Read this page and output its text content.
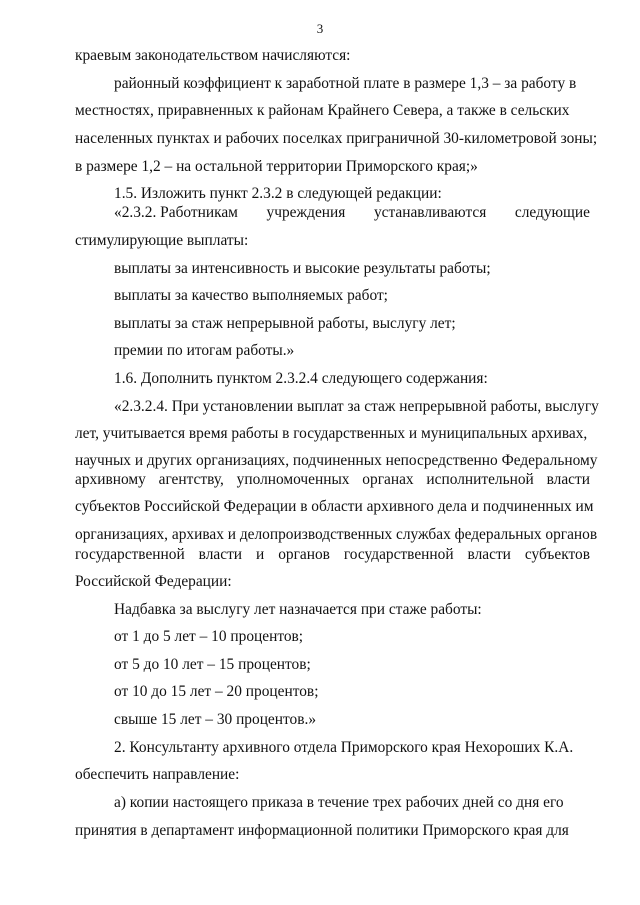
3
краевым законодательством начисляются:
районный коэффициент к заработной плате в размере 1,3 – за работу в
местностях, приравненных к районам Крайнего Севера, а также в сельских
населенных пунктах и рабочих поселках приграничной 30-километровой зоны;
в размере 1,2 – на остальной территории Приморского края;»
1.5. Изложить пункт 2.3.2 в следующей редакции:
«2.3.2. Работникам учреждения устанавливаются следующие
стимулирующие выплаты:
выплаты за интенсивность и высокие результаты работы;
выплаты за качество выполняемых работ;
выплаты за стаж непрерывной работы, выслугу лет;
премии по итогам работы.»
1.6. Дополнить пунктом 2.3.2.4 следующего содержания:
«2.3.2.4. При установлении выплат за стаж непрерывной работы, выслугу
лет, учитывается время работы в государственных и муниципальных архивах,
научных и других организациях, подчиненных непосредственно Федеральному
архивному агентству, уполномоченных органах исполнительной власти
субъектов Российской Федерации в области архивного дела и подчиненных им
организациях, архивах и делопроизводственных службах федеральных органов
государственной власти и органов государственной власти субъектов
Российской Федерации:
Надбавка за выслугу лет назначается при стаже работы:
от 1 до 5 лет – 10 процентов;
от 5 до 10 лет – 15 процентов;
от 10 до 15 лет – 20 процентов;
свыше 15 лет – 30 процентов.»
2. Консультанту архивного отдела Приморского края Нехороших К.А.
обеспечить направление:
а) копии настоящего приказа в течение трех рабочих дней со дня его
принятия в департамент информационной политики Приморского края для
